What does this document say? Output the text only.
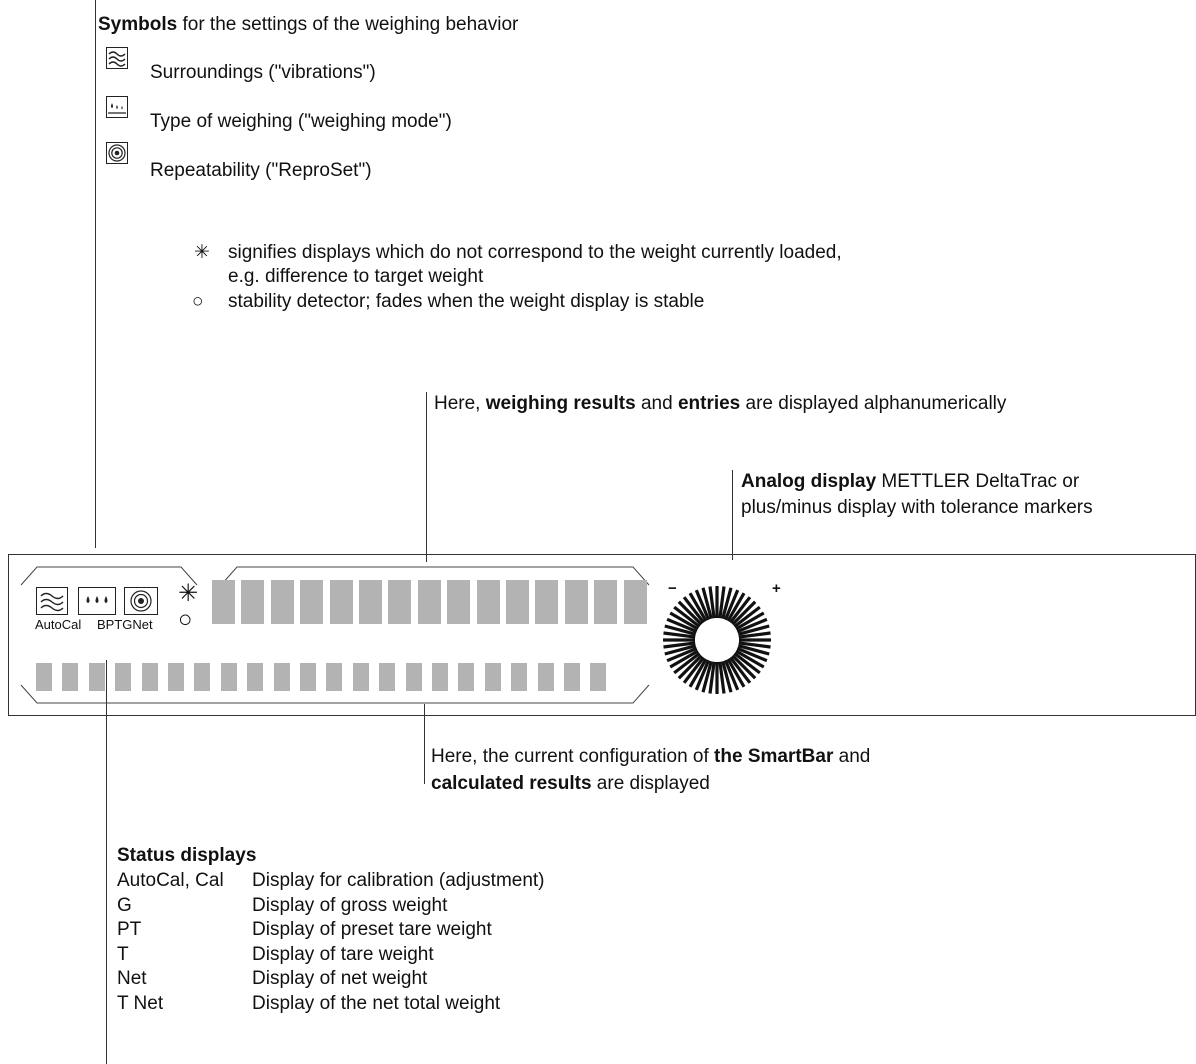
Symbols for the settings of the weighing behavior
Surroundings ("vibrations")
Type of weighing ("weighing mode")
Repeatability ("ReproSet")
✳ signifies displays which do not correspond to the weight currently loaded,
e.g. difference to target weight
○ stability detector; fades when the weight display is stable
Here, weighing results and entries are displayed alphanumerically
Analog display METTLER DeltaTrac or
plus/minus display with tolerance markers
AutoCal BPTGNet
✳
○
−	+
Here, the current configuration of the SmartBar and
calculated results are displayed
Status displays
AutoCal, Cal Display for calibration (adjustment)
G	Display of gross weight
PT	Display of preset tare weight
T	Display of tare weight
Net	Display of net weight
T Net	Display of the net total weight
